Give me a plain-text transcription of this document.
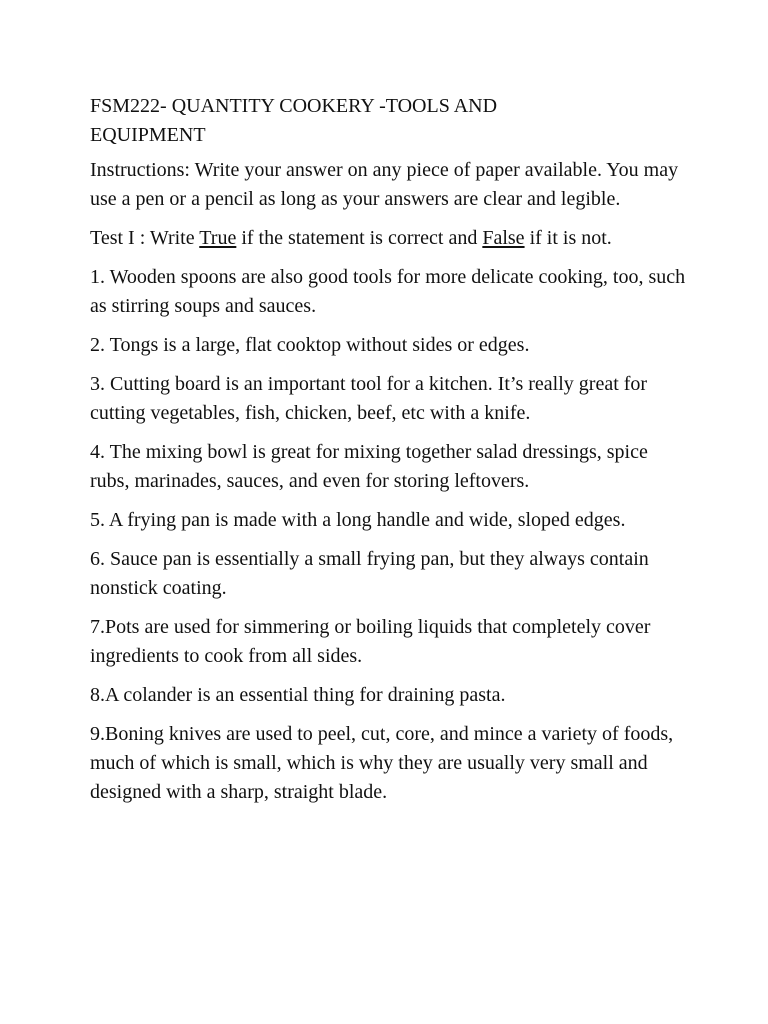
FSM222- QUANTITY COOKERY -TOOLS AND
EQUIPMENT

Instructions: Write your answer on any piece of paper available. You may use a pen or a pencil as long as your answers are clear and legible.

Test I : Write True if the statement is correct and False if it is not.

1. Wooden spoons are also good tools for more delicate cooking, too, such as stirring soups and sauces.

2. Tongs is a large, flat cooktop without sides or edges.

3. Cutting board is an important tool for a kitchen. It’s really great for cutting vegetables, fish, chicken, beef, etc with a knife.

4. The mixing bowl is great for mixing together salad dressings, spice rubs, marinades, sauces, and even for storing leftovers.

5. A frying pan is made with a long handle and wide, sloped edges.

6. Sauce pan is essentially a small frying pan, but they always contain nonstick coating.

7.Pots are used for simmering or boiling liquids that completely cover ingredients to cook from all sides.

8.A colander is an essential thing for draining pasta.

9.Boning knives are used to peel, cut, core, and mince a variety of foods, much of which is small, which is why they are usually very small and designed with a sharp, straight blade.
